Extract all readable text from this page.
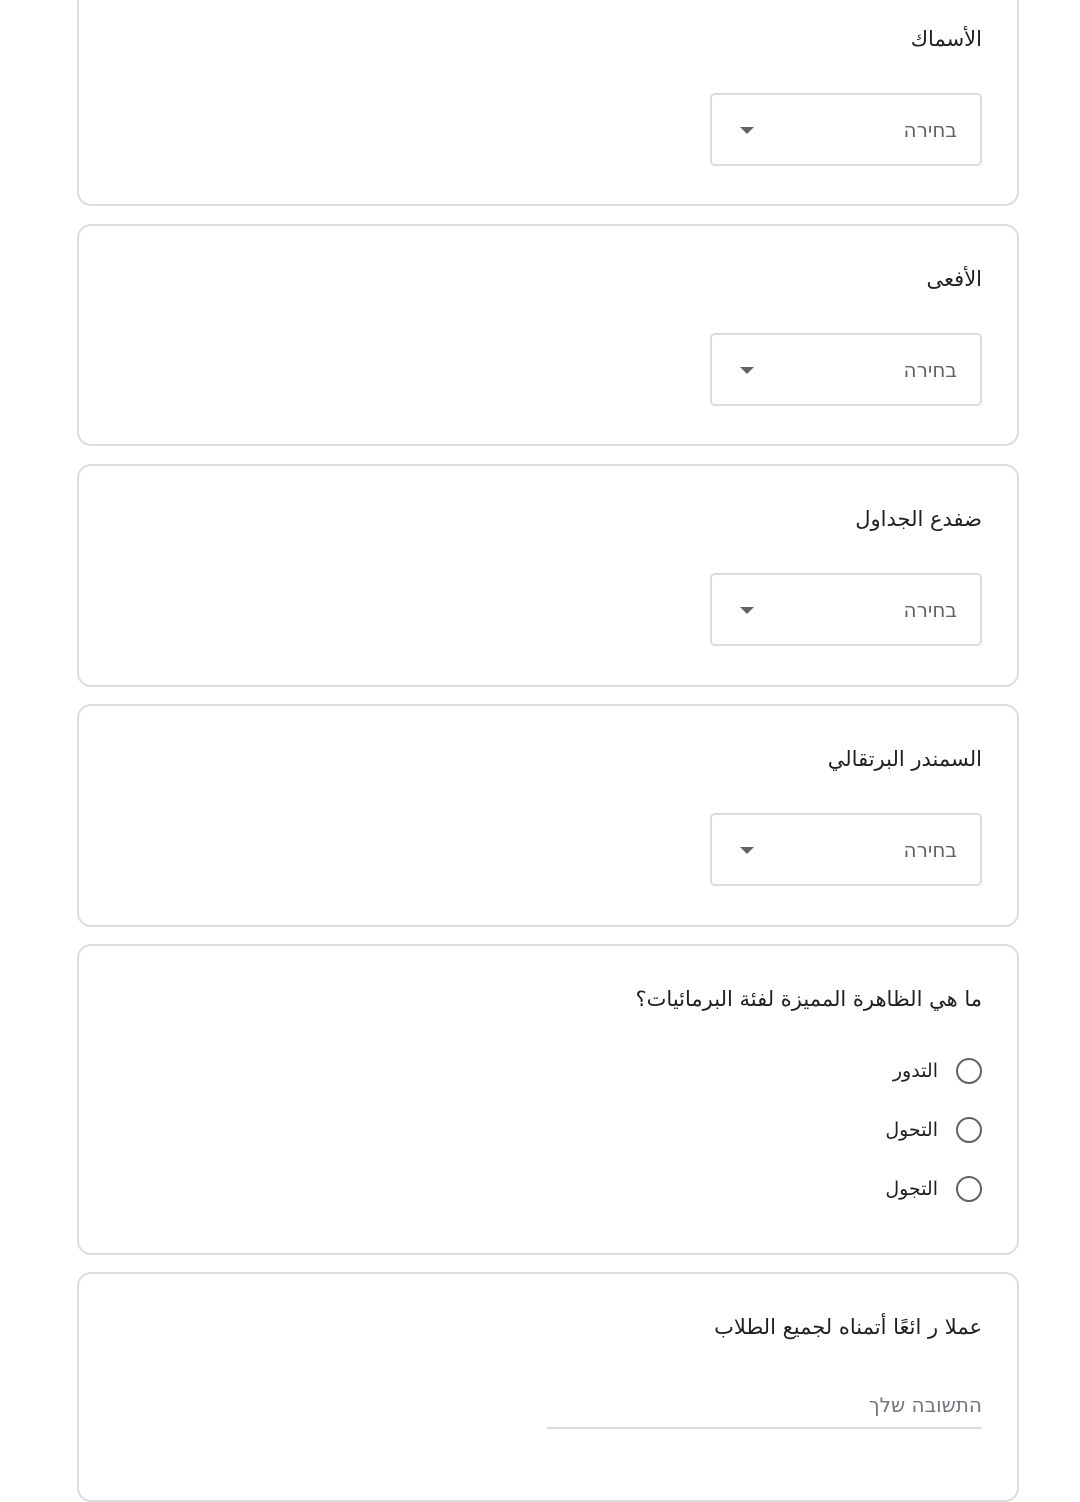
الأسماك
בחירה
الأفعى
בחירה
ضفدع الجداول
בחירה
السمندر البرتقالي
בחירה
ما هي الظاهرة المميزة لفئة البرمائيات؟
التدور
التحول
التجول
عملا ر ائعًا أتمناه لجميع الطلاب
התשובה שלך
